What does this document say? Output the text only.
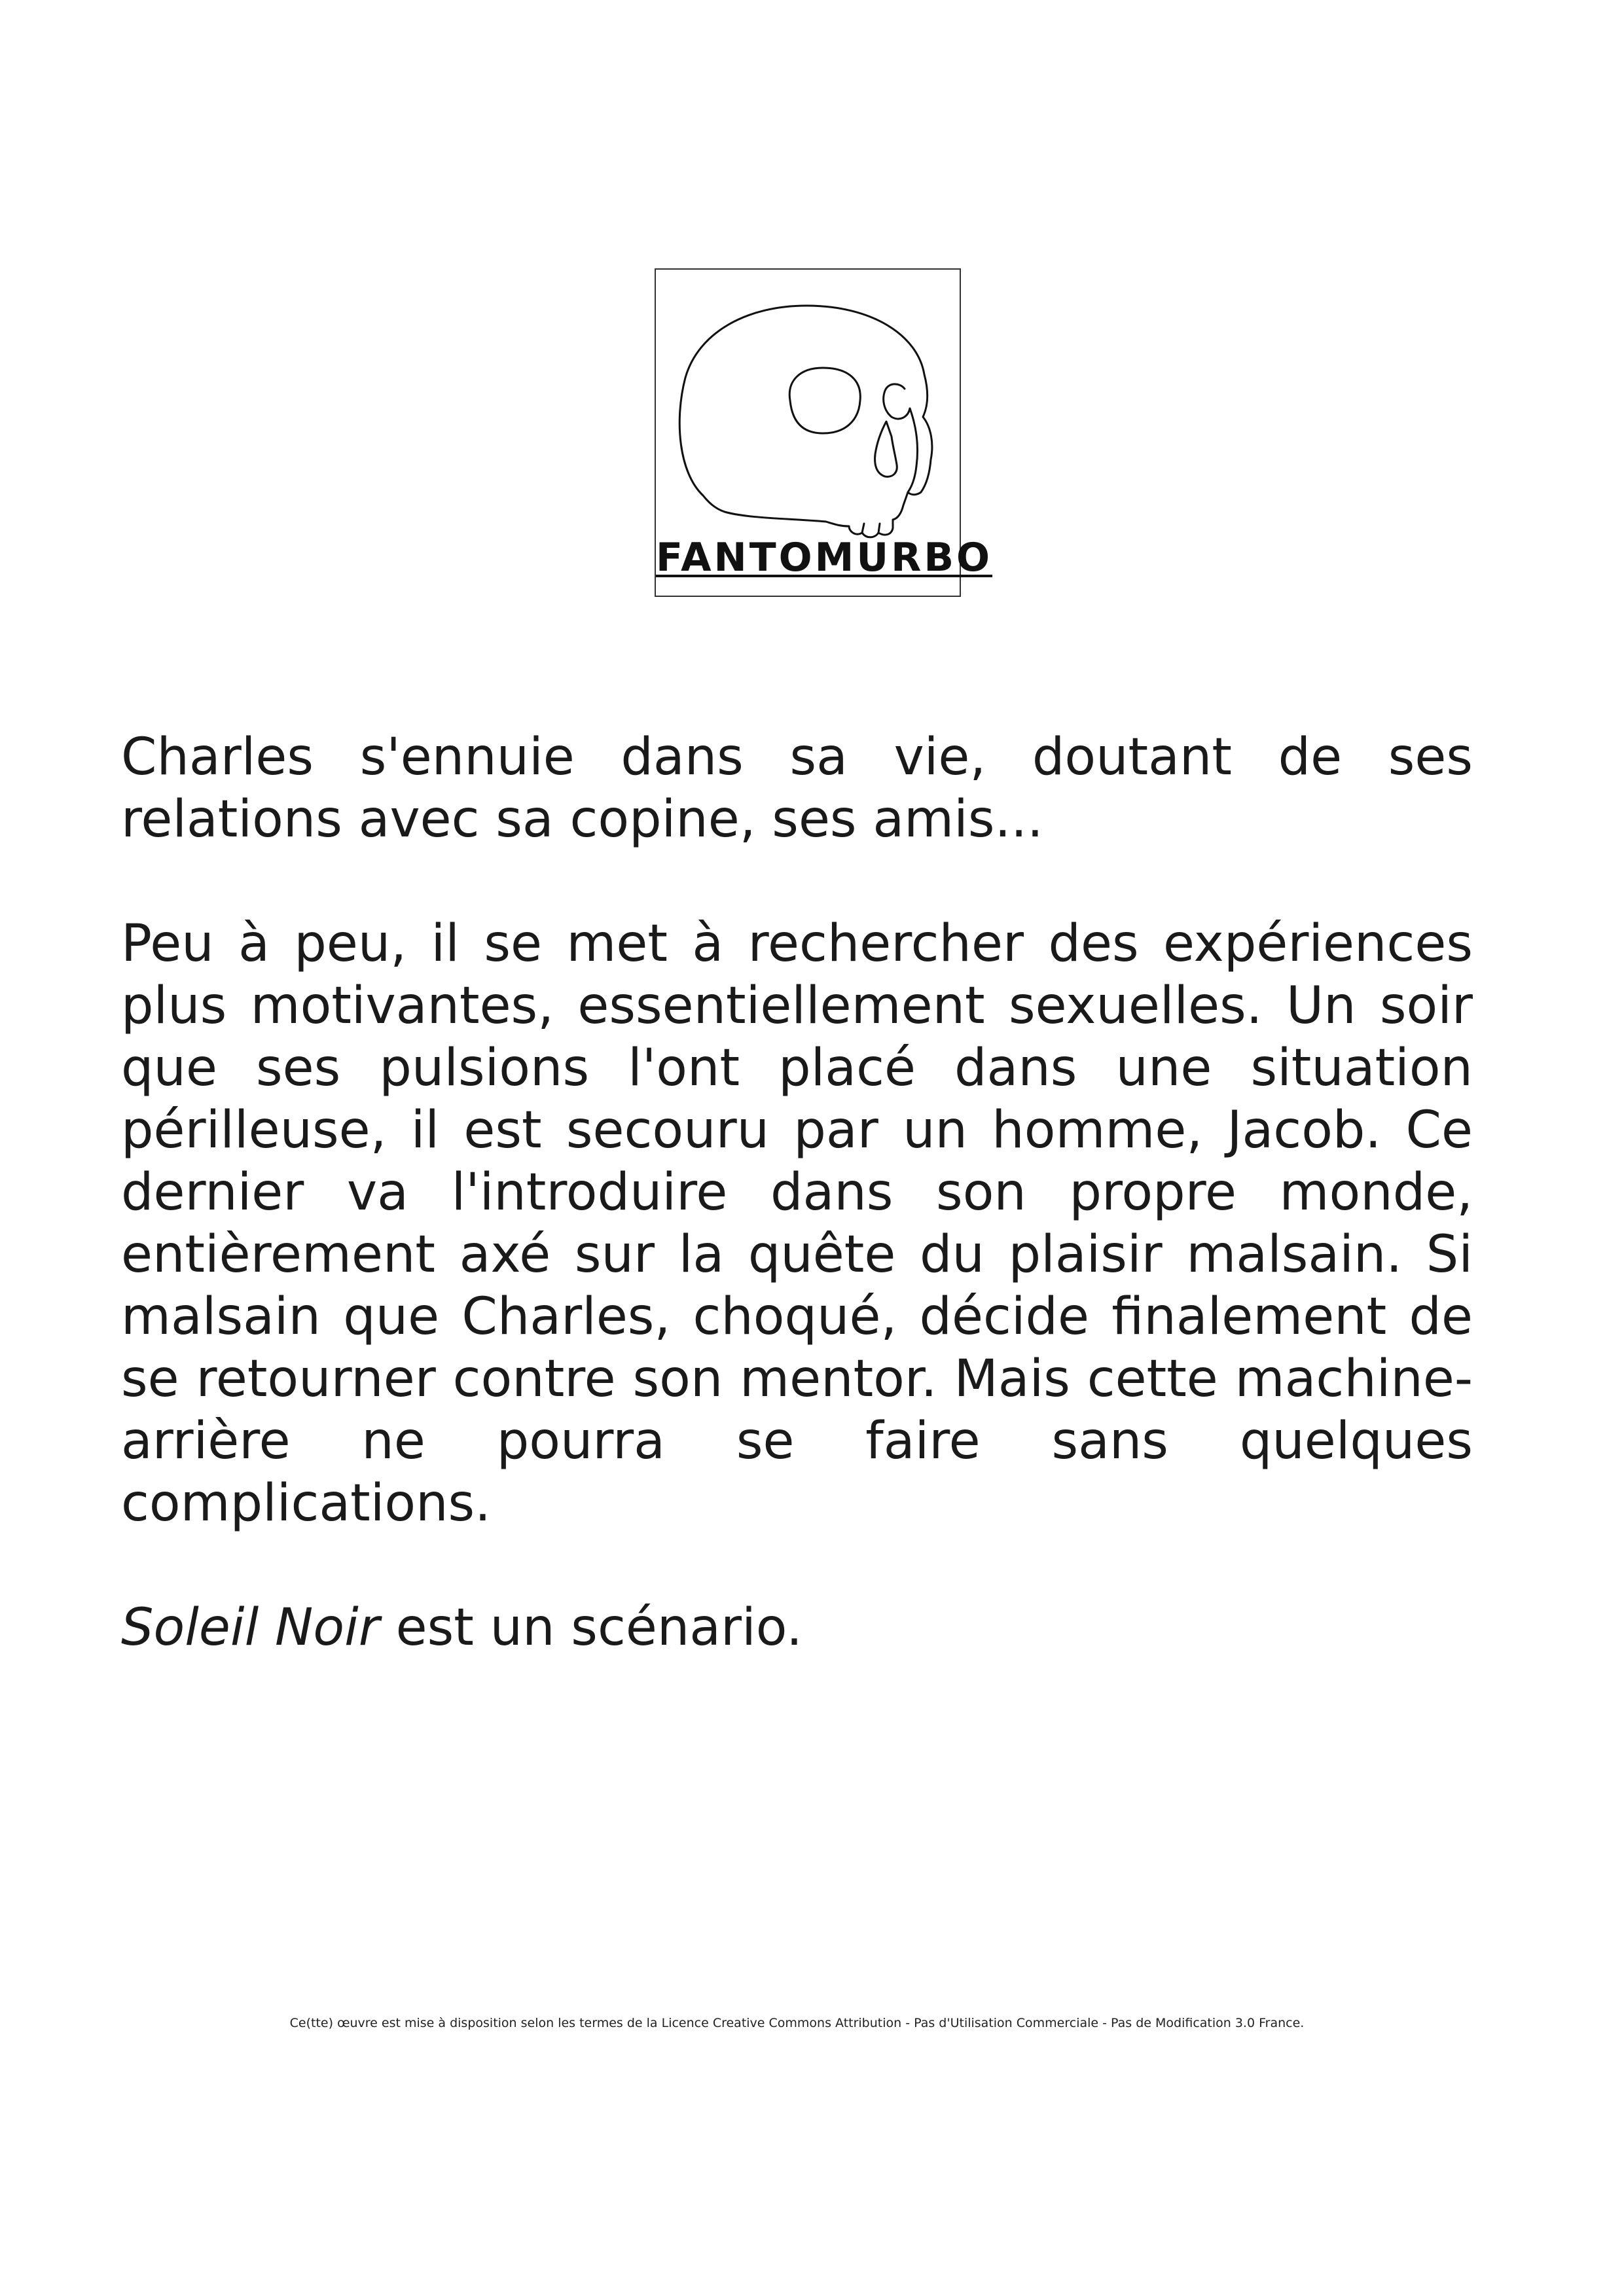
FANTOMURBO

Charles s'ennuie dans sa vie, doutant de ses relations avec sa copine, ses amis...

Peu à peu, il se met à rechercher des expériences plus motivantes, essentiellement sexuelles. Un soir que ses pulsions l'ont placé dans une situation périlleuse, il est secouru par un homme, Jacob. Ce dernier va l'introduire dans son propre monde, entièrement axé sur la quête du plaisir malsain. Si malsain que Charles, choqué, décide finalement de se retourner contre son mentor. Mais cette machine-arrière ne pourra se faire sans quelques complications.

Soleil Noir est un scénario.

Ce(tte) œuvre est mise à disposition selon les termes de la Licence Creative Commons Attribution - Pas d'Utilisation Commerciale - Pas de Modification 3.0 France.
